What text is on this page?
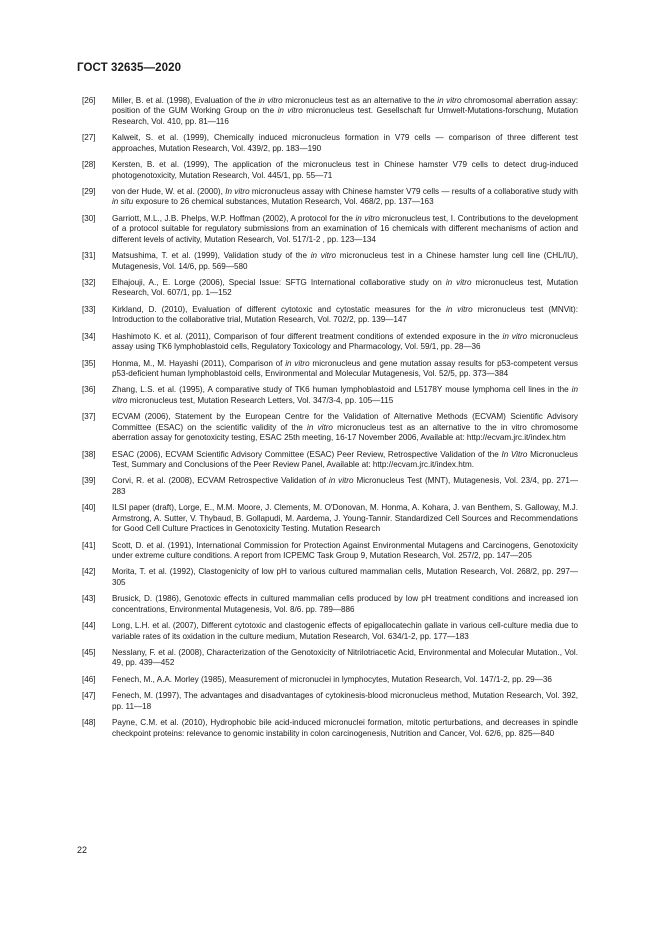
ГОСТ 32635—2020
[26] Miller, B. et al. (1998), Evaluation of the in vitro micronucleus test as an alternative to the in vitro chromosomal aberration assay: position of the GUM Working Group on the in vitro micronucleus test. Gesellschaft fur Umwelt-Mutations-forschung, Mutation Research, Vol. 410, pp. 81—116
[27] Kalweit, S. et al. (1999), Chemically induced micronucleus formation in V79 cells — comparison of three different test approaches, Mutation Research, Vol. 439/2, pp. 183—190
[28] Kersten, B. et al. (1999), The application of the micronucleus test in Chinese hamster V79 cells to detect drug-induced photogenotoxicity, Mutation Research, Vol. 445/1, pp. 55—71
[29] von der Hude, W. et al. (2000), In vitro micronucleus assay with Chinese hamster V79 cells — results of a collaborative study with in situ exposure to 26 chemical substances, Mutation Research, Vol. 468/2, pp. 137—163
[30] Garriott, M.L., J.B. Phelps, W.P. Hoffman (2002), A protocol for the in vitro micronucleus test, I. Contributions to the development of a protocol suitable for regulatory submissions from an examination of 16 chemicals with different mechanisms of action and different levels of activity, Mutation Research, Vol. 517/1-2 , pp. 123—134
[31] Matsushima, T. et al. (1999), Validation study of the in vitro micronucleus test in a Chinese hamster lung cell line (CHL/IU), Mutagenesis, Vol. 14/6, pp. 569—580
[32] Elhajouji, A., E. Lorge (2006), Special Issue: SFTG International collaborative study on in vitro micronucleus test, Mutation Research, Vol. 607/1, pp. 1—152
[33] Kirkland, D. (2010), Evaluation of different cytotoxic and cytostatic measures for the in vitro micronucleus test (MNVit): Introduction to the collaborative trial, Mutation Research, Vol. 702/2, pp. 139—147
[34] Hashimoto K. et al. (2011), Comparison of four different treatment conditions of extended exposure in the in vitro micronucleus assay using TK6 lymphoblastoid cells, Regulatory Toxicology and Pharmacology, Vol. 59/1, pp. 28—36
[35] Honma, M., M. Hayashi (2011), Comparison of in vitro micronucleus and gene mutation assay results for p53-competent versus p53-deficient human lymphoblastoid cells, Environmental and Molecular Mutagenesis, Vol. 52/5, pp. 373—384
[36] Zhang, L.S. et al. (1995), A comparative study of TK6 human lymphoblastoid and L5178Y mouse lymphoma cell lines in the in vitro micronucleus test, Mutation Research Letters, Vol. 347/3-4, pp. 105—115
[37] ECVAM (2006), Statement by the European Centre for the Validation of Alternative Methods (ECVAM) Scientific Advisory Committee (ESAC) on the scientific validity of the in vitro micronucleus test as an alternative to the in vitro chromosome aberration assay for genotoxicity testing, ESAC 25th meeting, 16-17 November 2006, Available at: http://ecvam.jrc.it/index.htm
[38] ESAC (2006), ECVAM Scientific Advisory Committee (ESAC) Peer Review, Retrospective Validation of the In Vitro Micronucleus Test, Summary and Conclusions of the Peer Review Panel, Available at: http://ecvam.jrc.it/index.htm.
[39] Corvi, R. et al. (2008), ECVAM Retrospective Validation of in vitro Micronucleus Test (MNT), Mutagenesis, Vol. 23/4, pp. 271—283
[40] ILSI paper (draft), Lorge, E., M.M. Moore, J. Clements, M. O'Donovan, M. Honma, A. Kohara, J. van Benthem, S. Galloway, M.J. Armstrong, A. Sutter, V. Thybaud, B. Gollapudi, M. Aardema, J. Young-Tannir. Standardized Cell Sources and Recommendations for Good Cell Culture Practices in Genotoxicity Testing. Mutation Research
[41] Scott, D. et al. (1991), International Commission for Protection Against Environmental Mutagens and Carcinogens, Genotoxicity under extreme culture conditions. A report from ICPEMC Task Group 9, Mutation Research, Vol. 257/2, pp. 147—205
[42] Morita, T. et al. (1992), Clastogenicity of low pH to various cultured mammalian cells, Mutation Research, Vol. 268/2, pp. 297—305
[43] Brusick, D. (1986), Genotoxic effects in cultured mammalian cells produced by low pH treatment conditions and increased ion concentrations, Environmental Mutagenesis, Vol. 8/6. pp. 789—886
[44] Long, L.H. et al. (2007), Different cytotoxic and clastogenic effects of epigallocatechin gallate in various cell-culture media due to variable rates of its oxidation in the culture medium, Mutation Research, Vol. 634/1-2, pp. 177—183
[45] Nesslany, F. et al. (2008), Characterization of the Genotoxicity of Nitrilotriacetic Acid, Environmental and Molecular Mutation., Vol. 49, pp. 439—452
[46] Fenech, M., A.A. Morley (1985), Measurement of micronuclei in lymphocytes, Mutation Research, Vol. 147/1-2, pp. 29—36
[47] Fenech, M. (1997), The advantages and disadvantages of cytokinesis-blood micronucleus method, Mutation Research, Vol. 392, pp. 11—18
[48] Payne, C.M. et al. (2010), Hydrophobic bile acid-induced micronuclei formation, mitotic perturbations, and decreases in spindle checkpoint proteins: relevance to genomic instability in colon carcinogenesis, Nutrition and Cancer, Vol. 62/6, pp. 825—840
22
